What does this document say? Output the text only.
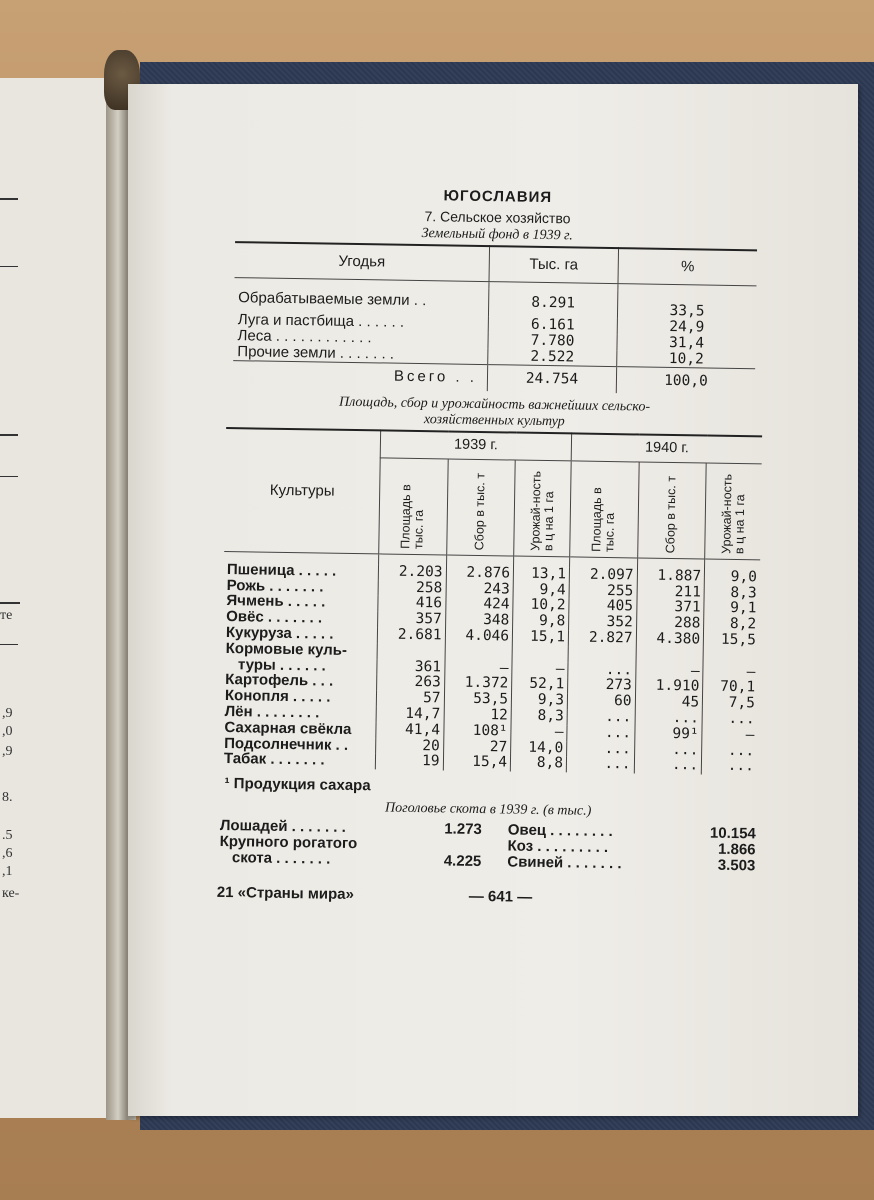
те
,9
,0
,9
8.
.5
,6
,1
ке-
ЮГОСЛАВИЯ
7. Сельское хозяйство
Земельный фонд в 1939 г.
Угодья	Тыс. га	%

Обрабатываемые земли . .	8.291	33,5
Луга и пастбища . . . . . .	6.161	24,9
Леса . . . . . . . . . . . .	7.780	31,4
Прочие земли . . . . . . .	2.522	10,2
Всего . .	24.754	100,0
Площадь, сбор и урожайность важнейших сельско-
хозяйственных культур
Культуры	1939 г.			1940 г.		
	Площадь в тыс. га	Сбор в тыс. т	Урожай-ность в ц на 1 га	Площадь в тыс. га	Сбор в тыс. т	Урожай-ность в ц на 1 га

Пшеница . . . . .	2.203	2.876	13,1	2.097	1.887	9,0
Рожь . . . . . . .	258	243	9,4	255	211	8,3
Ячмень . . . . .	416	424	10,2	405	371	9,1
Овёс . . . . . . .	357	348	9,8	352	288	8,2
Кукуруза . . . . .	2.681	4.046	15,1	2.827	4.380	15,5
Кормовые куль-						
туры . . . . . .	361	—	—	...	—	—
Картофель . . .	263	1.372	52,1	273	1.910	70,1
Конопля . . . . .	57	53,5	9,3	60	45	7,5
Лён . . . . . . . .	14,7	12	8,3	...	...	...
Сахарная свёкла	41,4	108¹	—	...	99¹	—
Подсолнечник . .	20	27	14,0	...	...	...
Табак . . . . . . .	19	15,4	8,8	...	...	...
¹ Продукция сахара
Поголовье скота в 1939 г. (в тыс.)
Лошадей . . . . . . .	1.273	Овец . . . . . . . .	10.154
Крупного рогатого		Коз . . . . . . . . .	1.866
скота . . . . . . .	4.225	Свиней . . . . . . .	3.503
21 «Страны мира»	— 641 —
